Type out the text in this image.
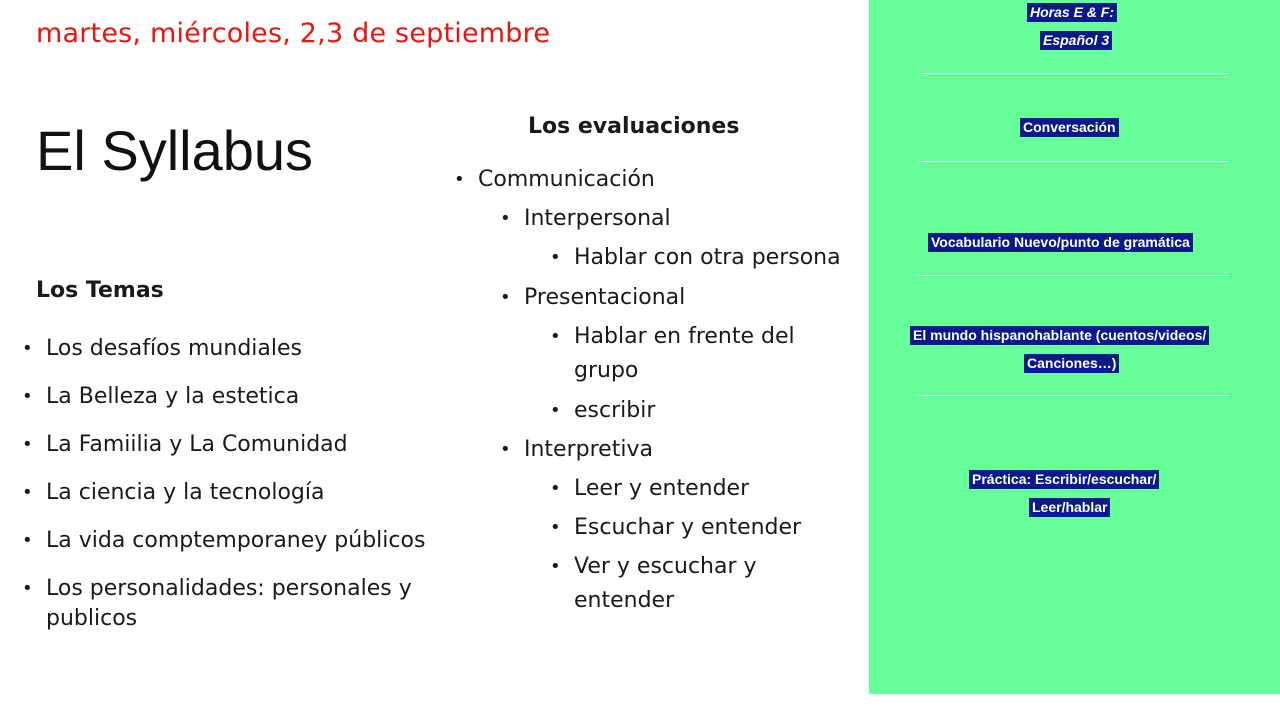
martes, miércoles, 2,3 de septiembre
El Syllabus
Los Temas
• Los desafíos mundiales
• La Belleza y la estetica
• La Famiilia y La Comunidad
• La ciencia y la tecnología
• La vida comptemporaney públicos
• Los personalidades: personales y publicos
Los evaluaciones
• Communicación
• Interpersonal
• Hablar con otra persona
• Presentacional
• Hablar en frente del grupo
• escribir
• Interpretiva
• Leer y entender
• Escuchar y entender
• Ver y escuchar y entender
Horas E & F:
Español 3
Conversación
Vocabulario Nuevo/punto de gramática
El mundo hispanohablante (cuentos/videos/
Canciones…)
Práctica: Escribir/escuchar/
Leer/hablar
